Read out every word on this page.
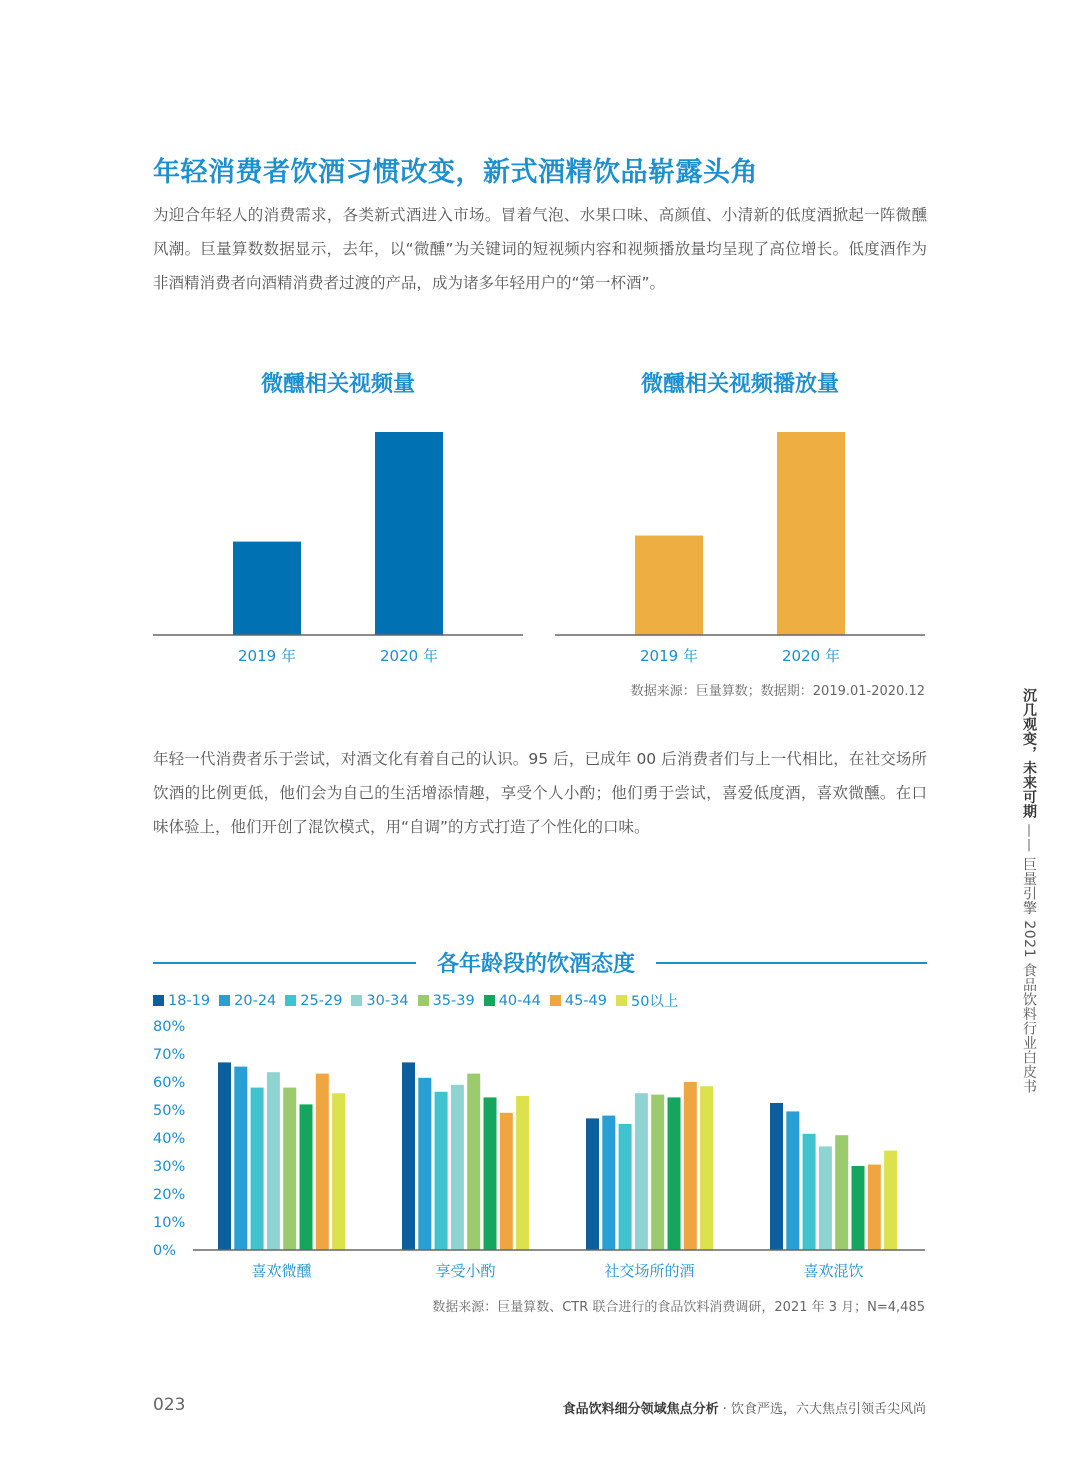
年轻消费者饮酒习惯改变，新式酒精饮品崭露头角

为迎合年轻人的消费需求，各类新式酒进入市场。冒着气泡、水果口味、高颜值、小清新的低度酒掀起一阵微醺风潮。巨量算数数据显示，去年，以“微醺”为关键词的短视频内容和视频播放量均呈现了高位增长。低度酒作为非酒精消费者向酒精消费者过渡的产品，成为诸多年轻用户的“第一杯酒”。

微醺相关视频量
2019 年	2020 年
微醺相关视频播放量
2019 年	2020 年
数据来源：巨量算数；数据期：2019.01-2020.12

年轻一代消费者乐于尝试，对酒文化有着自己的认识。95 后，已成年 00 后消费者们与上一代相比，在社交场所饮酒的比例更低，他们会为自己的生活增添情趣，享受个人小酌；他们勇于尝试，喜爱低度酒，喜欢微醺。在口味体验上，他们开创了混饮模式，用“自调”的方式打造了个性化的口味。

各年龄段的饮酒态度
18-19 20-24 25-29 30-34 35-39 40-44 45-49 50以上
0%
10%
20%
30%
40%
50%
60%
70%
80%
喜欢微醺	享受小酌	社交场所的酒	喜欢混饮
数据来源：巨量算数、CTR 联合进行的食品饮料消费调研，2021 年 3 月；N=4,485
沉几观变，未来可期 —— 巨量引擎 2021 食品饮料行业白皮书
023	食品饮料细分领域焦点分析 · 饮食严选，六大焦点引领舌尖风尚
